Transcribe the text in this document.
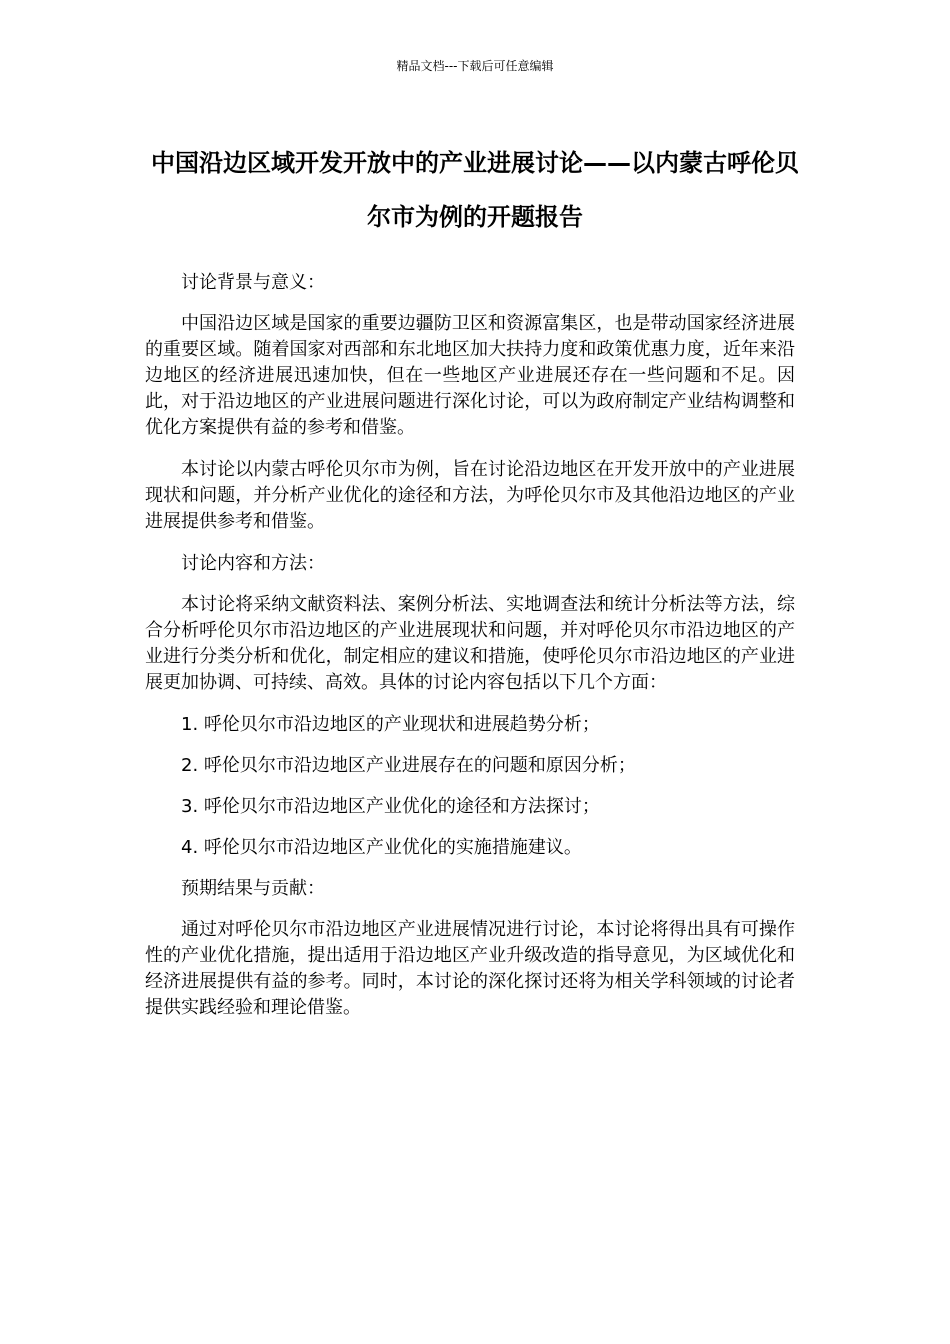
精品文档---下载后可任意编辑
中国沿边区域开发开放中的产业进展讨论——以内蒙古呼伦贝尔市为例的开题报告

讨论背景与意义：

中国沿边区域是国家的重要边疆防卫区和资源富集区，也是带动国家经济进展的重要区域。随着国家对西部和东北地区加大扶持力度和政策优惠力度，近年来沿边地区的经济进展迅速加快，但在一些地区产业进展还存在一些问题和不足。因此，对于沿边地区的产业进展问题进行深化讨论，可以为政府制定产业结构调整和优化方案提供有益的参考和借鉴。

本讨论以内蒙古呼伦贝尔市为例，旨在讨论沿边地区在开发开放中的产业进展现状和问题，并分析产业优化的途径和方法，为呼伦贝尔市及其他沿边地区的产业进展提供参考和借鉴。

讨论内容和方法：

本讨论将采纳文献资料法、案例分析法、实地调查法和统计分析法等方法，综合分析呼伦贝尔市沿边地区的产业进展现状和问题，并对呼伦贝尔市沿边地区的产业进行分类分析和优化，制定相应的建议和措施，使呼伦贝尔市沿边地区的产业进展更加协调、可持续、高效。具体的讨论内容包括以下几个方面：

1. 呼伦贝尔市沿边地区的产业现状和进展趋势分析；

2. 呼伦贝尔市沿边地区产业进展存在的问题和原因分析；

3. 呼伦贝尔市沿边地区产业优化的途径和方法探讨；

4. 呼伦贝尔市沿边地区产业优化的实施措施建议。

预期结果与贡献：

通过对呼伦贝尔市沿边地区产业进展情况进行讨论，本讨论将得出具有可操作性的产业优化措施，提出适用于沿边地区产业升级改造的指导意见，为区域优化和经济进展提供有益的参考。同时，本讨论的深化探讨还将为相关学科领域的讨论者提供实践经验和理论借鉴。
